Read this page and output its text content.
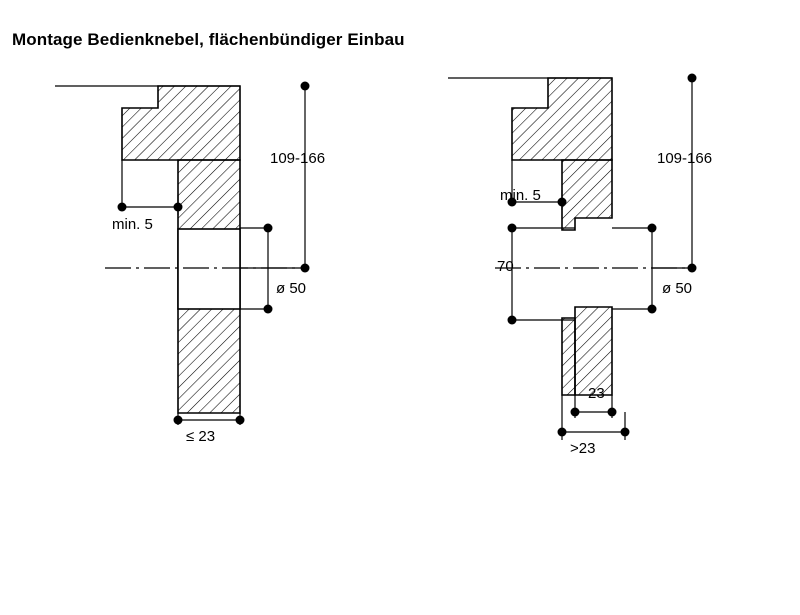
Montage Bedienknebel, flächenbündiger Einbau
109-166
min. 5
ø 50
≤ 23
109-166
min. 5
70
ø 50
23
>23
